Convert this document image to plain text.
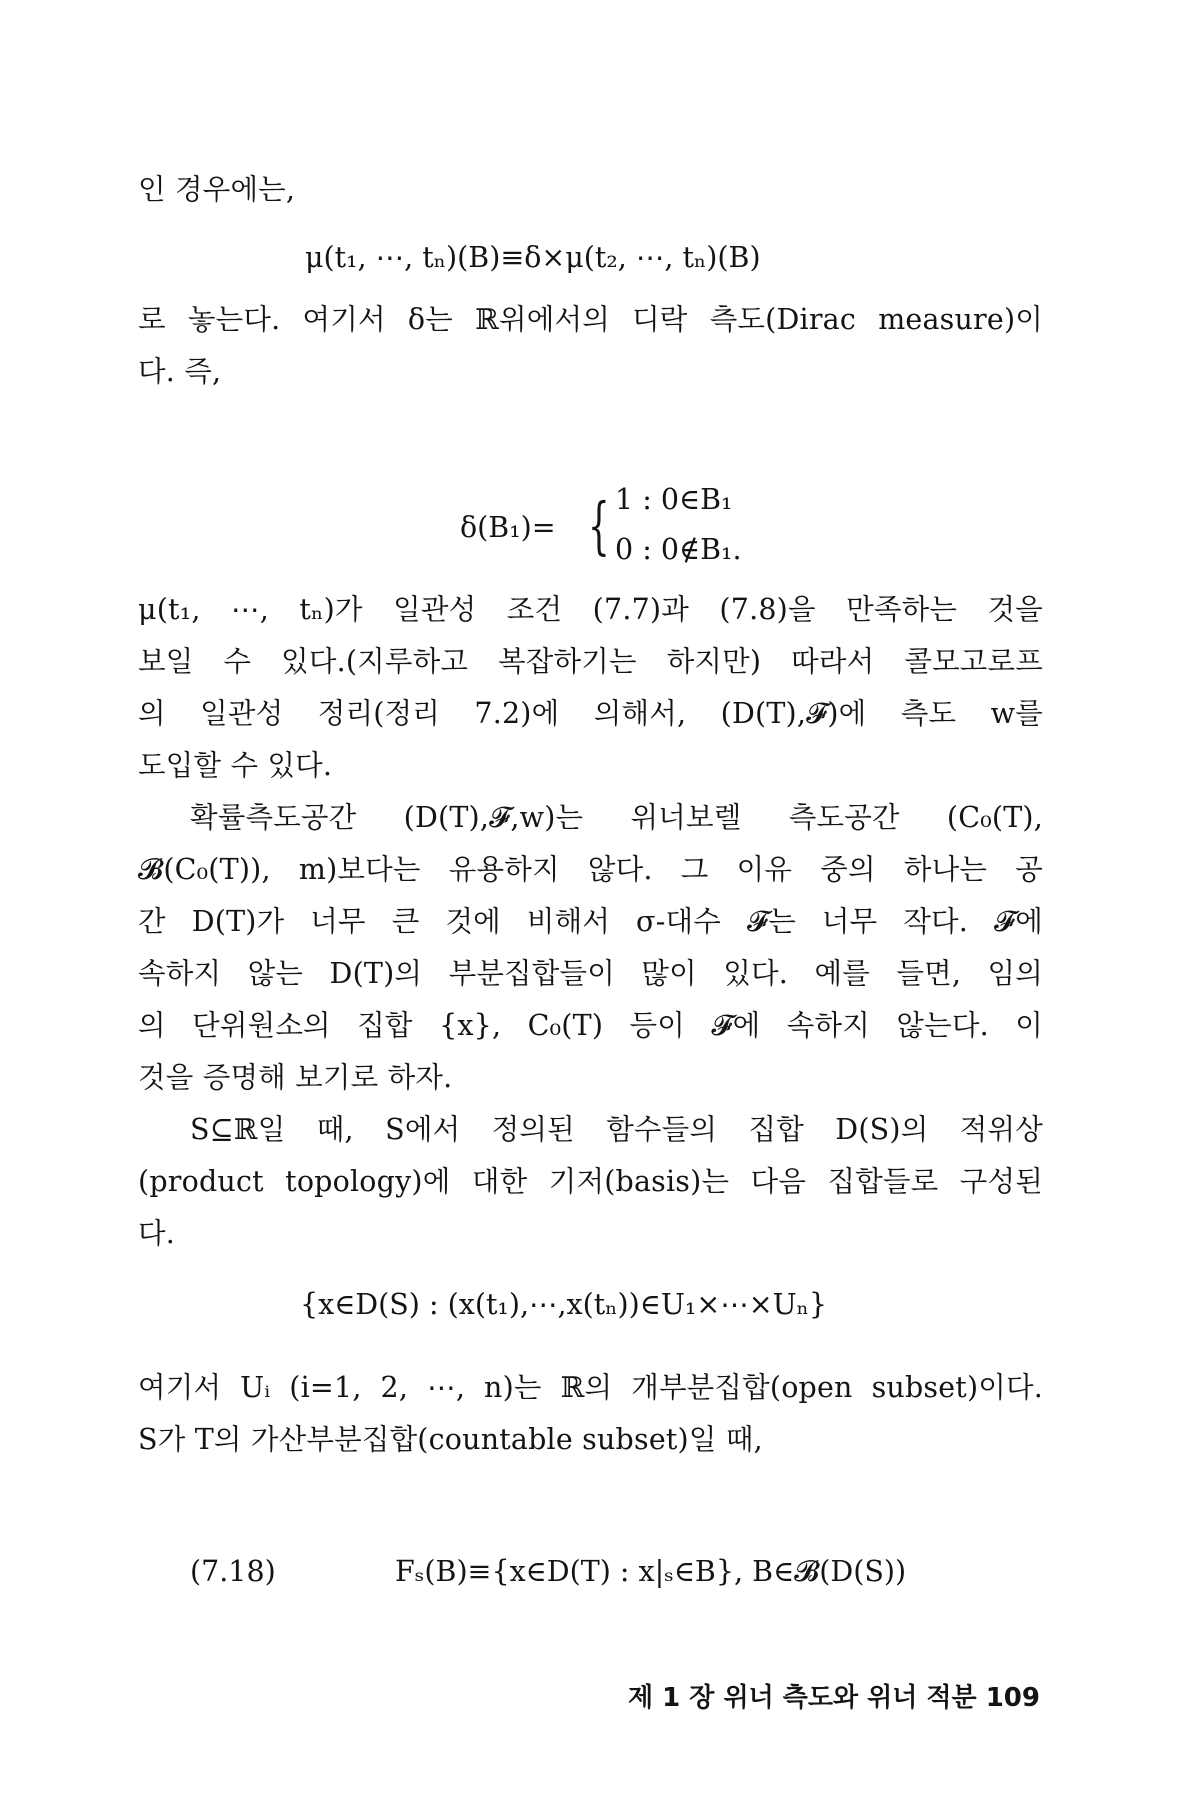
인 경우에는,
μ(t₁, ⋯, tₙ)(B)≡δ×μ(t₂, ⋯, tₙ)(B)
로 놓는다. 여기서 δ는 ℝ위에서의 디락 측도(Dirac measure)이
다. 즉,
δ(B₁)= { 1 : 0∈B₁
0 : 0∉B₁.
μ(t₁, ⋯, tₙ)가 일관성 조건 (7.7)과 (7.8)을 만족하는 것을
보일 수 있다.(지루하고 복잡하기는 하지만) 따라서 콜모고로프
의 일관성 정리(정리 7.2)에 의해서, (D(T),𝓕)에 측도 w를
도입할 수 있다.
확률측도공간 (D(T),𝓕,w)는 위너보렐 측도공간 (C₀(T),
𝓑(C₀(T)), m)보다는 유용하지 않다. 그 이유 중의 하나는 공
간 D(T)가 너무 큰 것에 비해서 σ-대수 𝓕는 너무 작다. 𝓕에
속하지 않는 D(T)의 부분집합들이 많이 있다. 예를 들면, 임의
의 단위원소의 집합 {x}, C₀(T) 등이 𝓕에 속하지 않는다. 이
것을 증명해 보기로 하자.
S⊆ℝ일 때, S에서 정의된 함수들의 집합 D(S)의 적위상
(product topology)에 대한 기저(basis)는 다음 집합들로 구성된
다.
{x∈D(S) : (x(t₁),⋯,x(tₙ))∈U₁×⋯×Uₙ}
여기서 Uᵢ (i=1, 2, ⋯, n)는 ℝ의 개부분집합(open subset)이다.
S가 T의 가산부분집합(countable subset)일 때,
(7.18)	Fₛ(B)≡{x∈D(T) : x|ₛ∈B}, B∈𝓑(D(S))
제 1 장 위너 측도와 위너 적분 109
